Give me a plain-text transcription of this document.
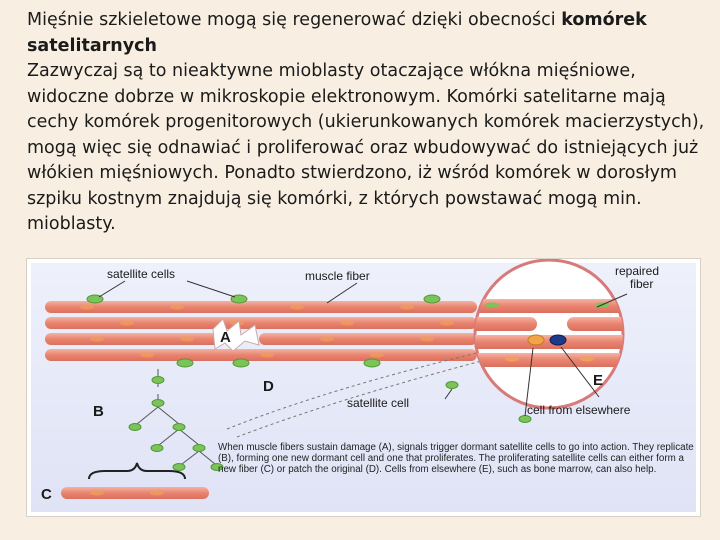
Mięśnie szkieletowe mogą się regenerować dzięki obecności komórek satelitarnych
Zazwyczaj są to nieaktywne mioblasty otaczające włókna mięśniowe, widoczne dobrze w mikroskopie elektronowym. Komórki satelitarne mają cechy komórek progenitorowych (ukierunkowanych komórek macierzystych), mogą więc się odnawiać i proliferować oraz wbudowywać do istniejących już włókien mięśniowych. Ponadto stwierdzono, iż wśród komórek w dorosłym szpiku kostnym znajdują się komórki, z których powstawać mogą min. mioblasty.
satellite cells	muscle fiber
A
B
C
D
repaired
fiber
E
satellite cell	cell from elsewhere
When muscle fibers sustain damage (A), signals trigger dormant satellite cells to go into action. They replicate (B), forming one new dormant cell and one that proliferates. The proliferating satellite cells can either form a new fiber (C) or patch the original (D). Cells from elsewhere (E), such as bone marrow, can also help.
